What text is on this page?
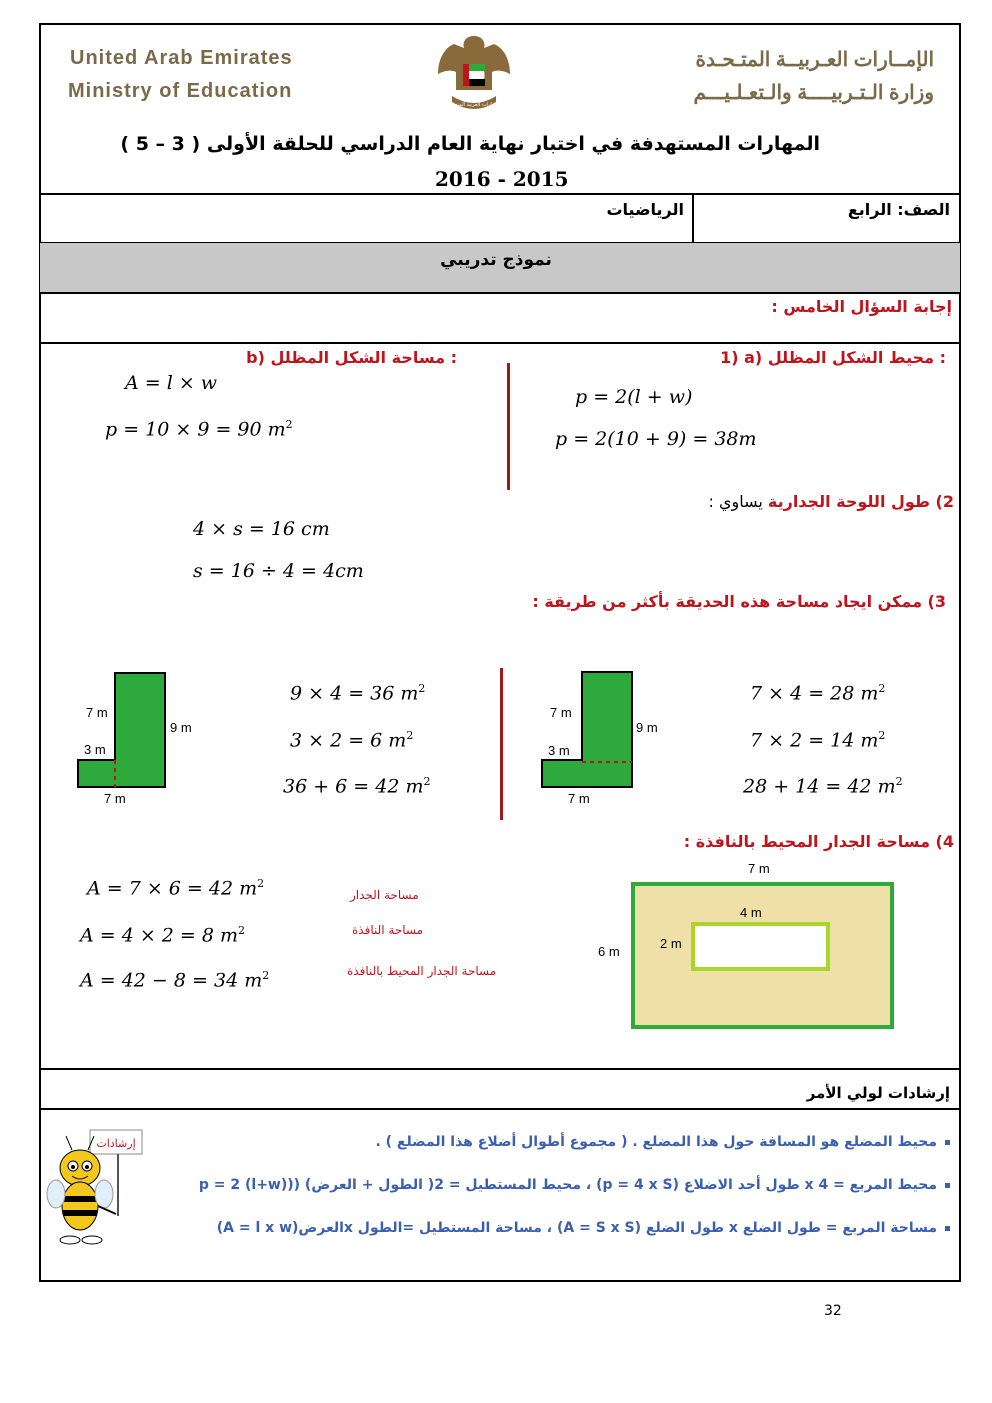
United Arab Emirates
Ministry of Education
الإمــارات العـربيــة المتـحـدة
وزارة الـتـربيــــة والـتعـلـيـــم
الإمارات العربية المتحدة
المهارات المستهدفة في اختبار نهاية العام الدراسي للحلقة الأولى ( 3 – 5 )
2016 - 2015
الصف: الرابع
الرياضيات
نموذج تدريبي
إجابة السؤال الخامس :
1) a) محيط الشكل المظلل :
b) مساحة الشكل المظلل :
p = 2(l + w)
p = 2(10 + 9) = 38m
A = l × w
p = 10 × 9 = 90 $m^2$
2) طول اللوحة الجدارية يساوي :
4 × s = 16 cm
s = 16 ÷ 4 = 4cm
3) ممكن ايجاد مساحة هذه الحديقة بأكثر من طريقة :
7 m
9 m
3 m
7 m
7 × 4 = 28 $m^2$
7 × 2 = 14 $m^2$
28 + 14 = 42 $m^2$
7 m
9 m
3 m
7 m
9 × 4 = 36 $m^2$
3 × 2 = 6 $m^2$
36 + 6 = 42 $m^2$
4) مساحة الجدار المحيط بالنافذة :
A = 7 × 6 = 42 $m^2$
A = 4 × 2 = 8 $m^2$
A = 42 − 8 = 34 $m^2$
مساحة الجدار
مساحة النافذة
مساحة الجدار المحيط بالنافذة
7 m
6 m
4 m
2 m
إرشادات لولي الأمر
محيط المضلع هو المسافة حول هذا المضلع . ( مجموع أطوال أضلاع هذا المضلع ) .
محيط المربع = 4 x طول أحد الاضلاع (p = 4 x S) ، محيط المستطيل = 2( الطول + العرض) ((p = 2 (l+w)
مساحة المربع = طول الضلع x طول الضلع (A = S x S) ، مساحة المستطيل =الطول xالعرض(A = l x w)
إرشادات
32
